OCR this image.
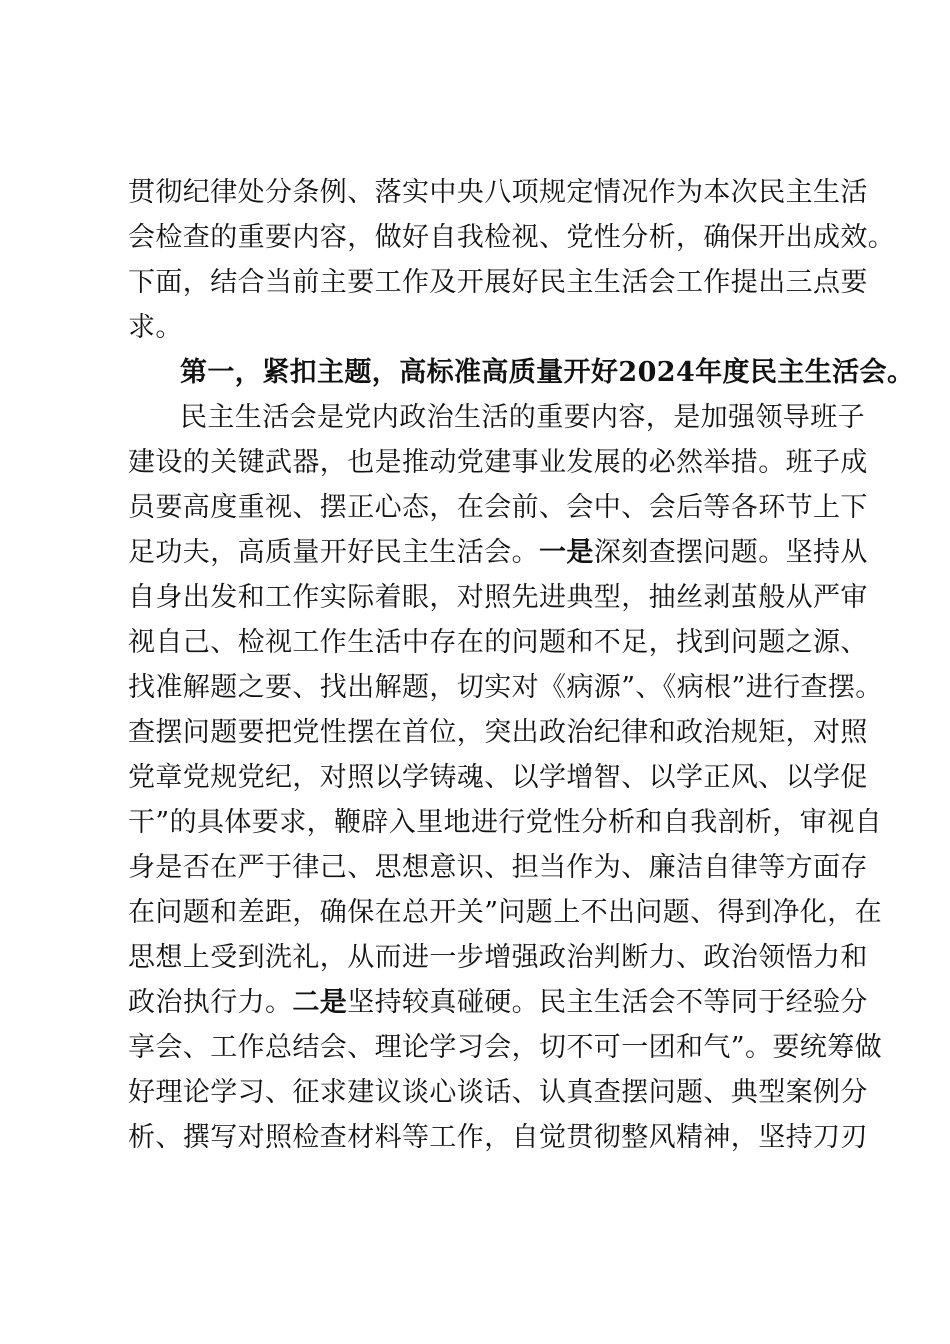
贯彻纪律处分条例、落实中央八项规定情况作为本次民主生活
会检查的重要内容，做好自我检视、党性分析，确保开出成效。
下面，结合当前主要工作及开展好民主生活会工作提出三点要
求。
第一，紧扣主题，高标准高质量开好2024年度民主生活会。
民主生活会是党内政治生活的重要内容，是加强领导班子
建设的关键武器，也是推动党建事业发展的必然举措。班子成
员要高度重视、摆正心态，在会前、会中、会后等各环节上下
足功夫，高质量开好民主生活会。一是深刻查摆问题。坚持从
自身出发和工作实际着眼，对照先进典型，抽丝剥茧般从严审
视自己、检视工作生活中存在的问题和不足，找到问题之源、
找准解题之要、找出解题，切实对《病源”、《病根”进行查摆。
查摆问题要把党性摆在首位，突出政治纪律和政治规矩，对照
党章党规党纪，对照以学铸魂、以学增智、以学正风、以学促
干”的具体要求，鞭辟入里地进行党性分析和自我剖析，审视自
身是否在严于律己、思想意识、担当作为、廉洁自律等方面存
在问题和差距，确保在总开关”问题上不出问题、得到净化，在
思想上受到洗礼，从而进一步增强政治判断力、政治领悟力和
政治执行力。二是坚持较真碰硬。民主生活会不等同于经验分
享会、工作总结会、理论学习会，切不可一团和气”。要统筹做
好理论学习、征求建议谈心谈话、认真查摆问题、典型案例分
析、撰写对照检查材料等工作，自觉贯彻整风精神，坚持刀刃
